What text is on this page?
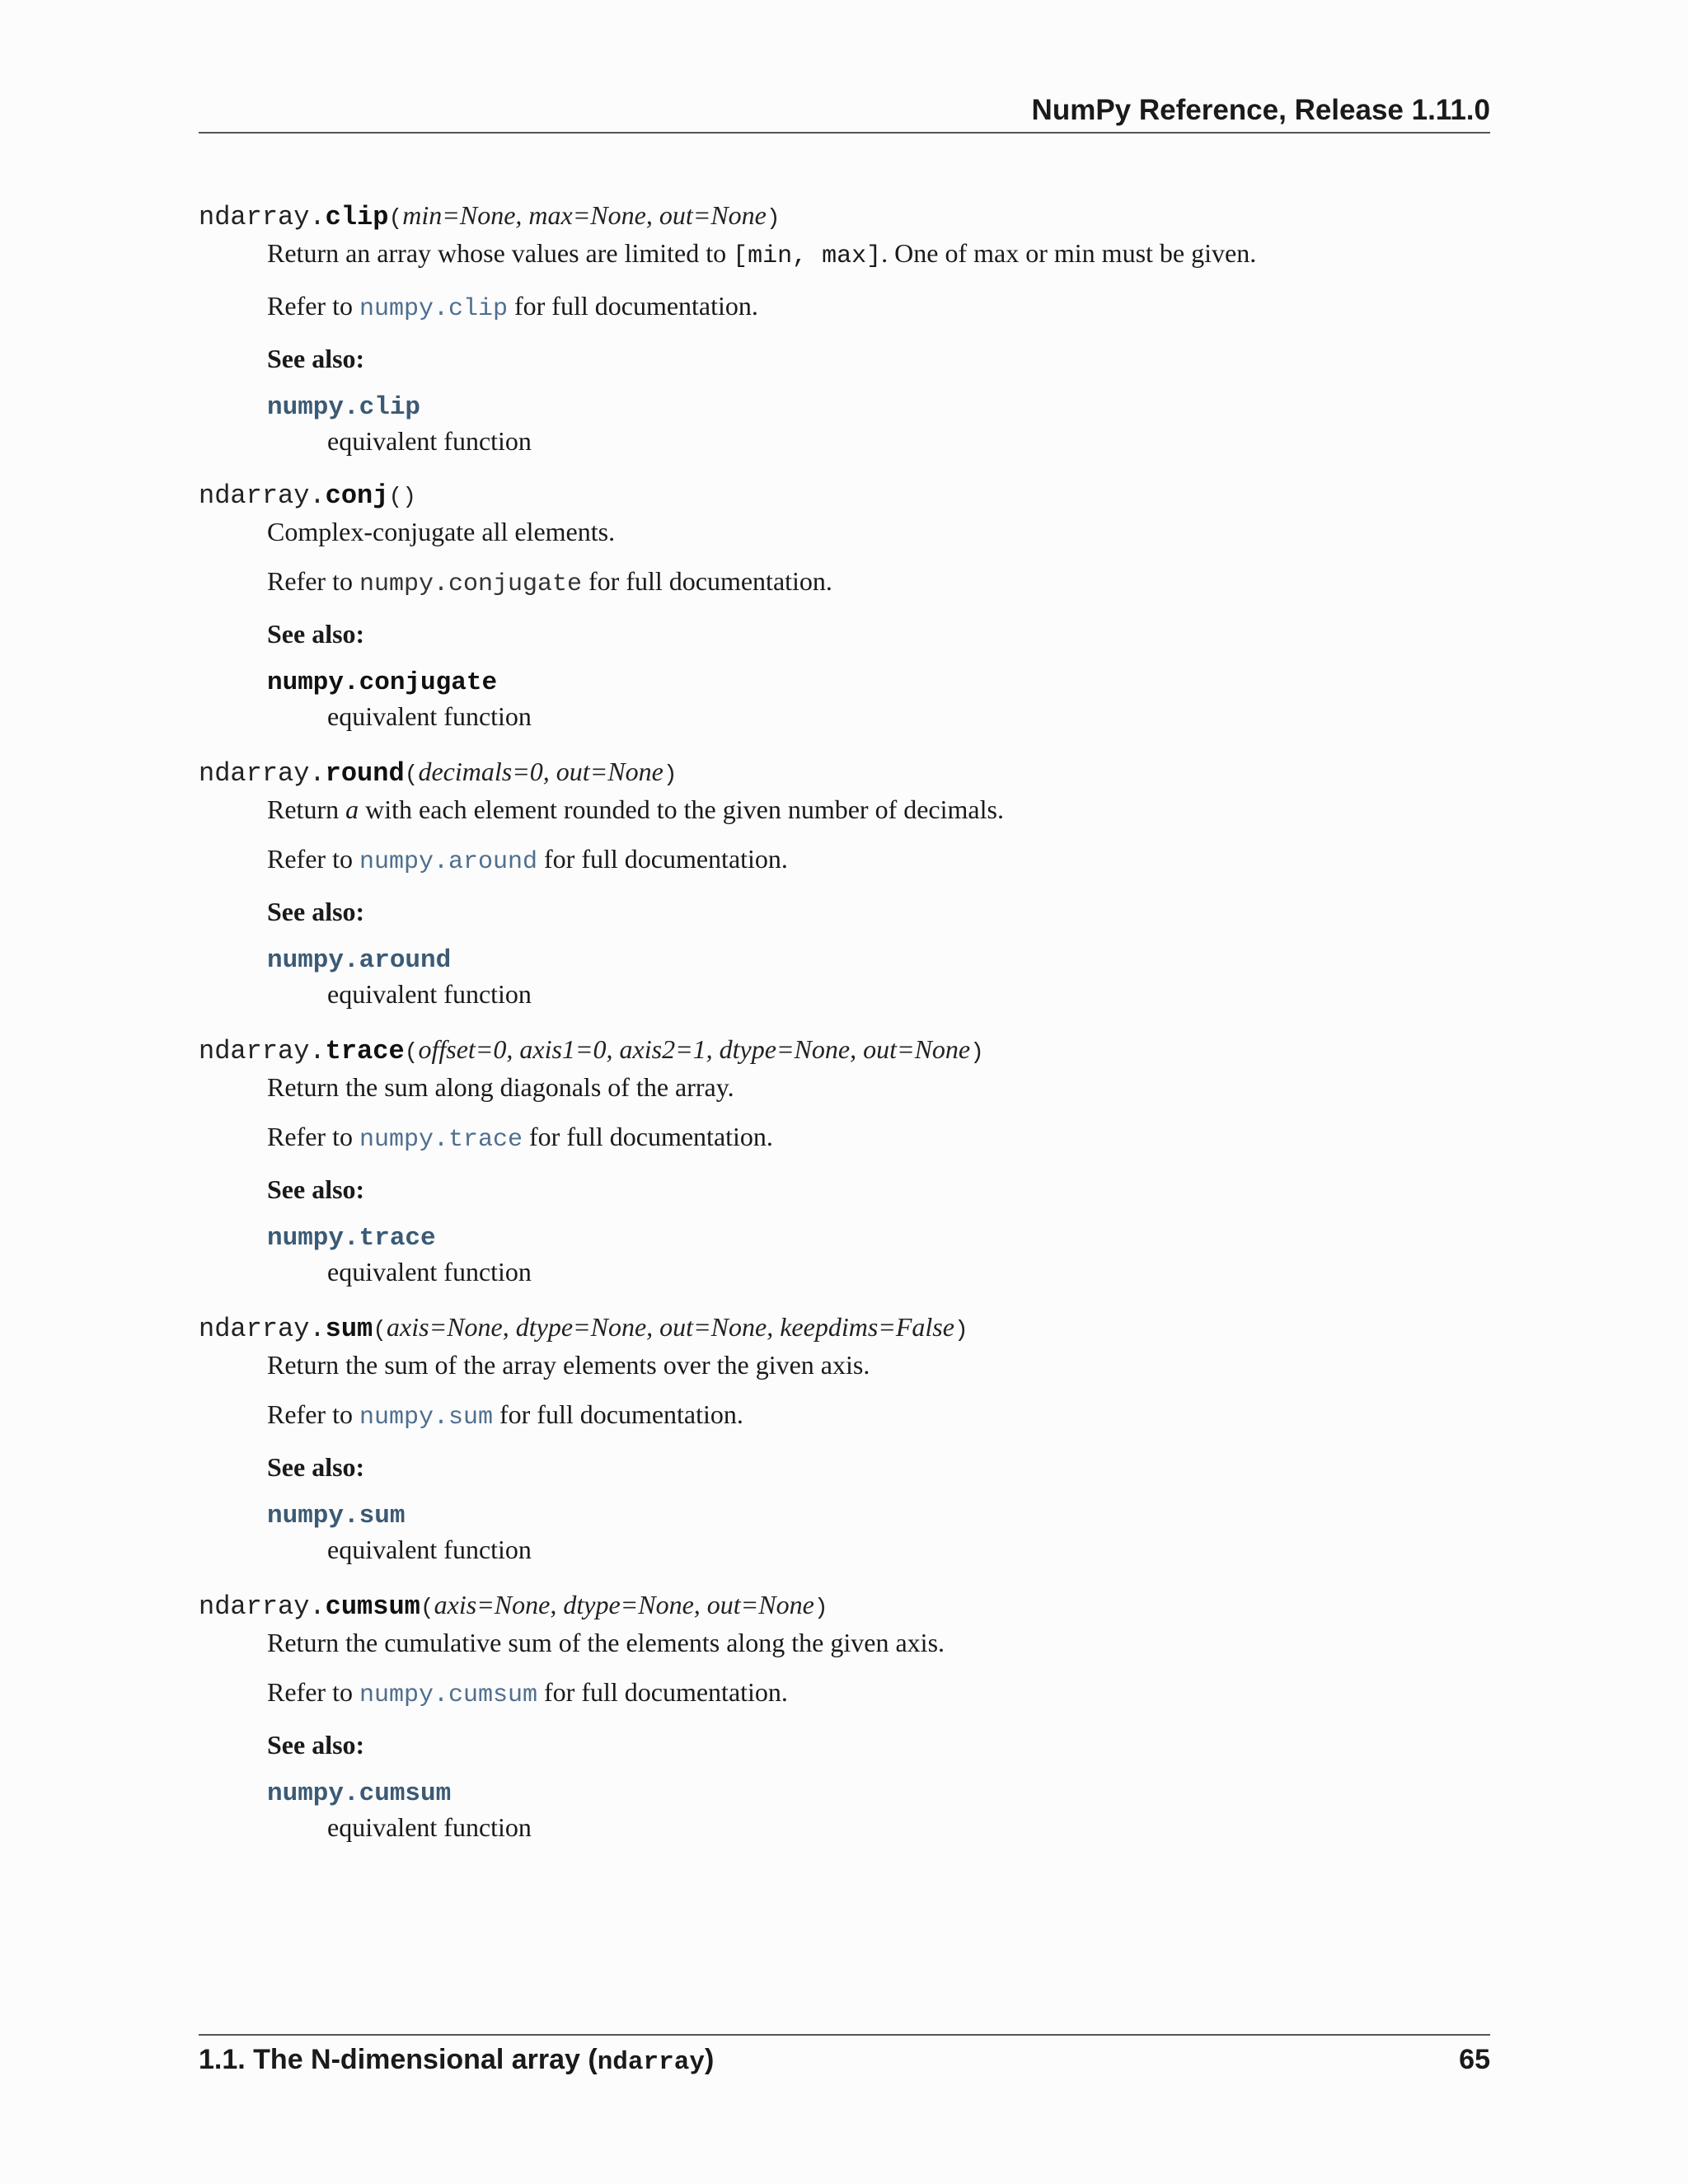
NumPy Reference, Release 1.11.0
ndarray.clip(min=None, max=None, out=None)

Return an array whose values are limited to [min, max]. One of max or min must be given.

Refer to numpy.clip for full documentation.

See also:

numpy.clip
equivalent function
ndarray.conj()

Complex-conjugate all elements.

Refer to numpy.conjugate for full documentation.

See also:

numpy.conjugate
equivalent function
ndarray.round(decimals=0, out=None)

Return a with each element rounded to the given number of decimals.

Refer to numpy.around for full documentation.

See also:

numpy.around
equivalent function
ndarray.trace(offset=0, axis1=0, axis2=1, dtype=None, out=None)

Return the sum along diagonals of the array.

Refer to numpy.trace for full documentation.

See also:

numpy.trace
equivalent function
ndarray.sum(axis=None, dtype=None, out=None, keepdims=False)

Return the sum of the array elements over the given axis.

Refer to numpy.sum for full documentation.

See also:

numpy.sum
equivalent function
ndarray.cumsum(axis=None, dtype=None, out=None)

Return the cumulative sum of the elements along the given axis.

Refer to numpy.cumsum for full documentation.

See also:

numpy.cumsum
equivalent function
1.1. The N-dimensional array (ndarray)	65
